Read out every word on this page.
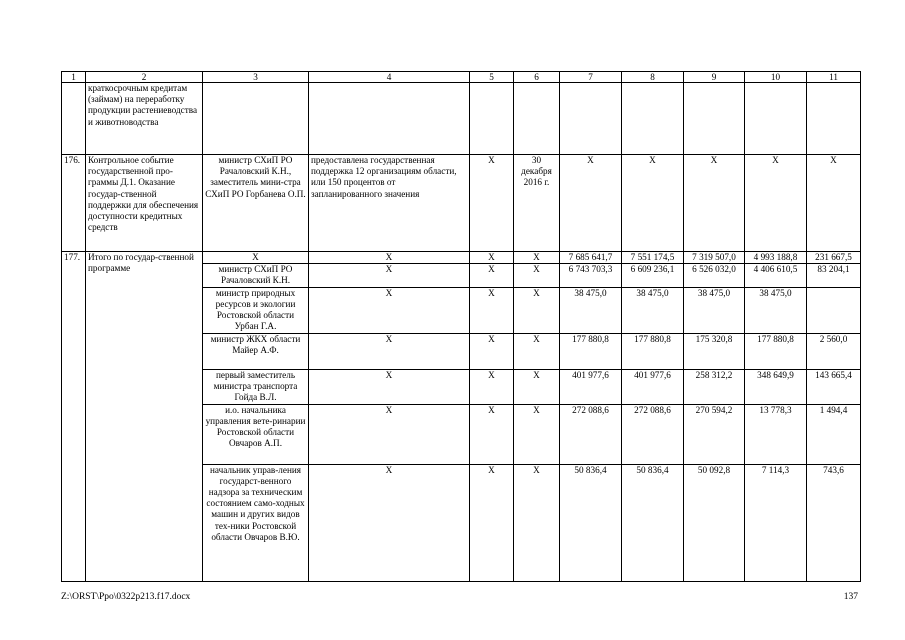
1	2	3	4	5	6	7	8	9	10	11
	краткосрочным кредитам (займам) на переработку продукции растениеводства и животноводства									
176.	Контрольное событие государственной про-граммы Д.1. Оказание государ-ственной поддержки для обеспечения доступности кредитных средств	министр СХиП РО Рачаловский К.Н., заместитель мини-стра СХиП РО Горбанева О.П.	предоставлена государственная поддержка 12 организациям области, или 150 процентов от запланированного значения	Х	30 декабря 2016 г.	Х	Х	Х	Х	Х
177.	Итого по государ-ственной программе	Х	Х	Х	Х	7 685 641,7	7 551 174,5	7 319 507,0	4 993 188,8	231 667,5
		министр СХиП РО Рачаловский К.Н.	Х	Х	Х	6 743 703,3	6 609 236,1	6 526 032,0	4 406 610,5	83 204,1
		министр природных ресурсов и экологии Ростовской области Урбан Г.А.	Х	Х	Х	38 475,0	38 475,0	38 475,0	38 475,0	
		министр ЖКХ области Майер А.Ф.	Х	Х	Х	177 880,8	177 880,8	175 320,8	177 880,8	2 560,0
		первый заместитель министра транспорта Гойда В.Л.	Х	Х	Х	401 977,6	401 977,6	258 312,2	348 649,9	143 665,4
		и.о. начальника управления вете-ринарии Ростовской области Овчаров А.П.	Х	Х	Х	272 088,6	272 088,6	270 594,2	13 778,3	1 494,4
		начальник управ-ления государст-венного надзора за техническим состоянием само-ходных машин и других видов тех-ники Ростовской области Овчаров В.Ю.	Х	Х	Х	50 836,4	50 836,4	50 092,8	7 114,3	743,6
Z:\ORST\Ppo\0322p213.f17.docx	137
